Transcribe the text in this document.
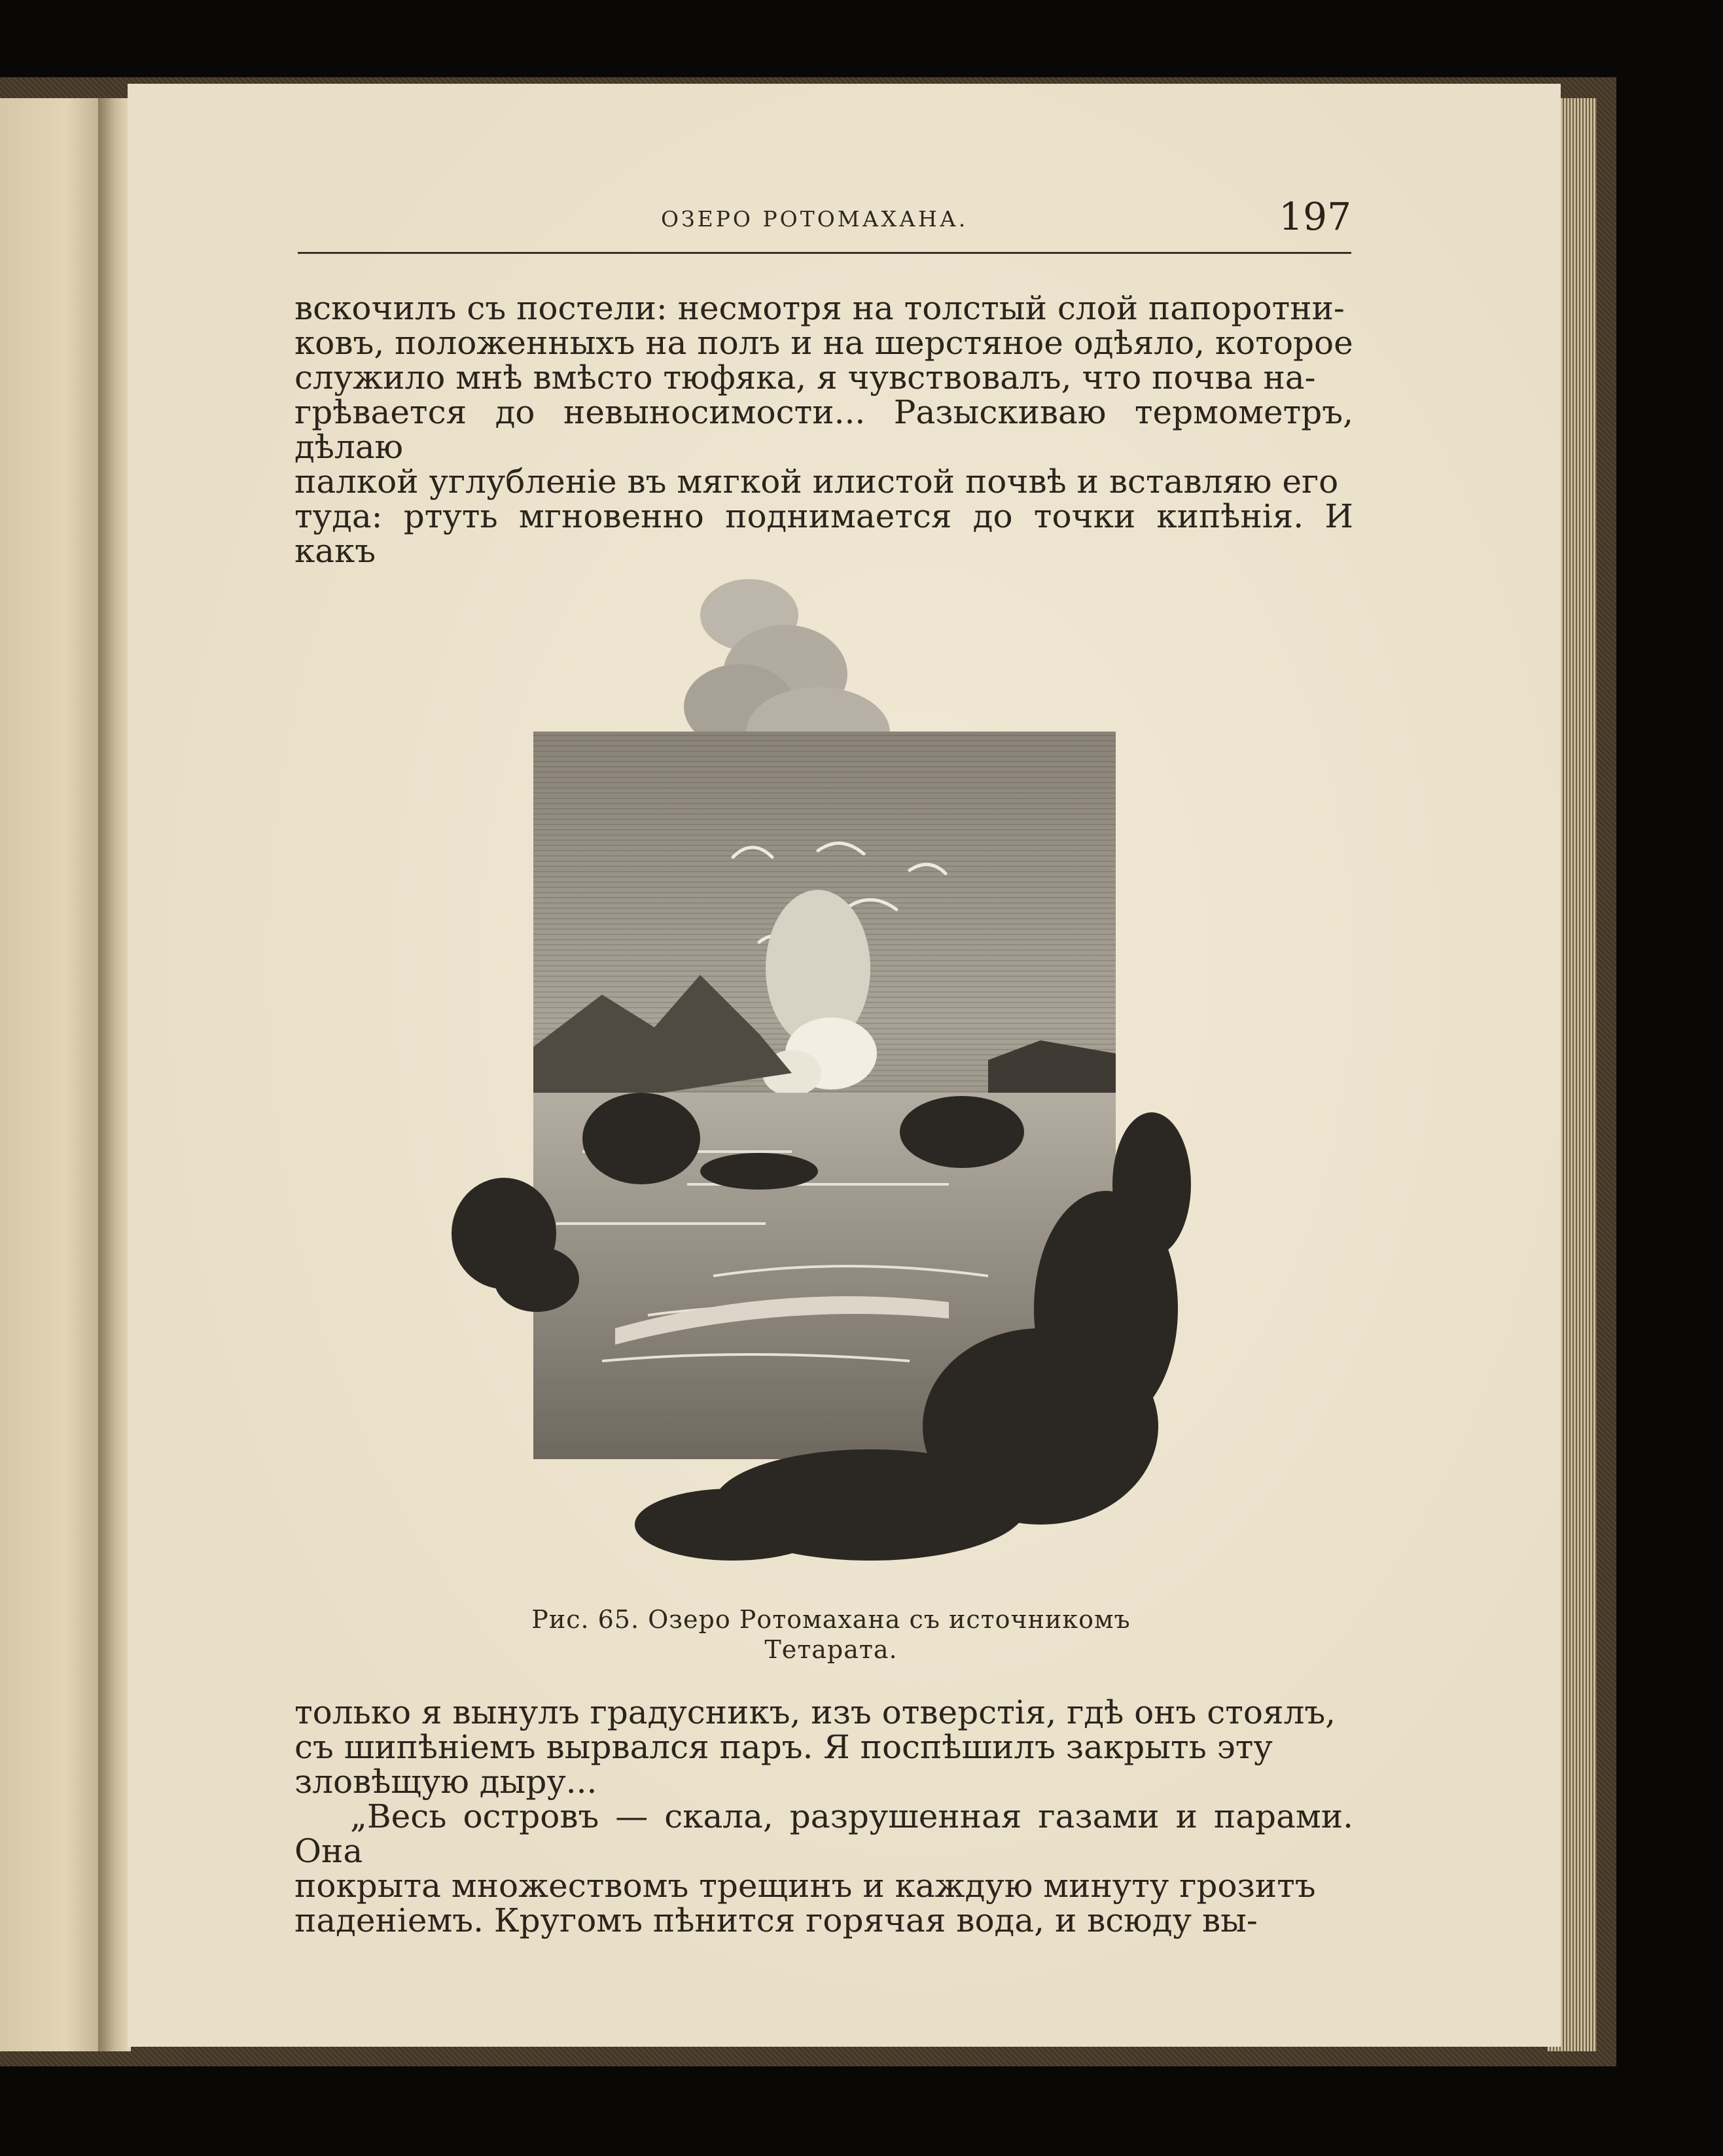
ОЗЕРО РОТОМАХАНА.	197

вскочилъ съ постели: несмотря на толстый слой папоротни-

ковъ, положенныхъ на полъ и на шерстяное одѣяло, которое

служило мнѣ вмѣсто тюфяка, я чувствовалъ, что почва на-

грѣвается до невыносимости... Разыскиваю термометръ, дѣлаю

палкой углубленіе въ мягкой илистой почвѣ и вставляю его

туда: ртуть мгновенно поднимается до точки кипѣнія. И какъ

Рис. 65. Озеро Ротомахана съ источникомъ
Тетарата.

только я вынулъ градусникъ, изъ отверстія, гдѣ онъ стоялъ,

съ шипѣніемъ вырвался паръ. Я поспѣшилъ закрыть эту

зловѣщую дыру...

„Весь островъ — скала, разрушенная газами и парами. Она

покрыта множествомъ трещинъ и каждую минуту грозитъ

паденіемъ. Кругомъ пѣнится горячая вода, и всюду вы-
